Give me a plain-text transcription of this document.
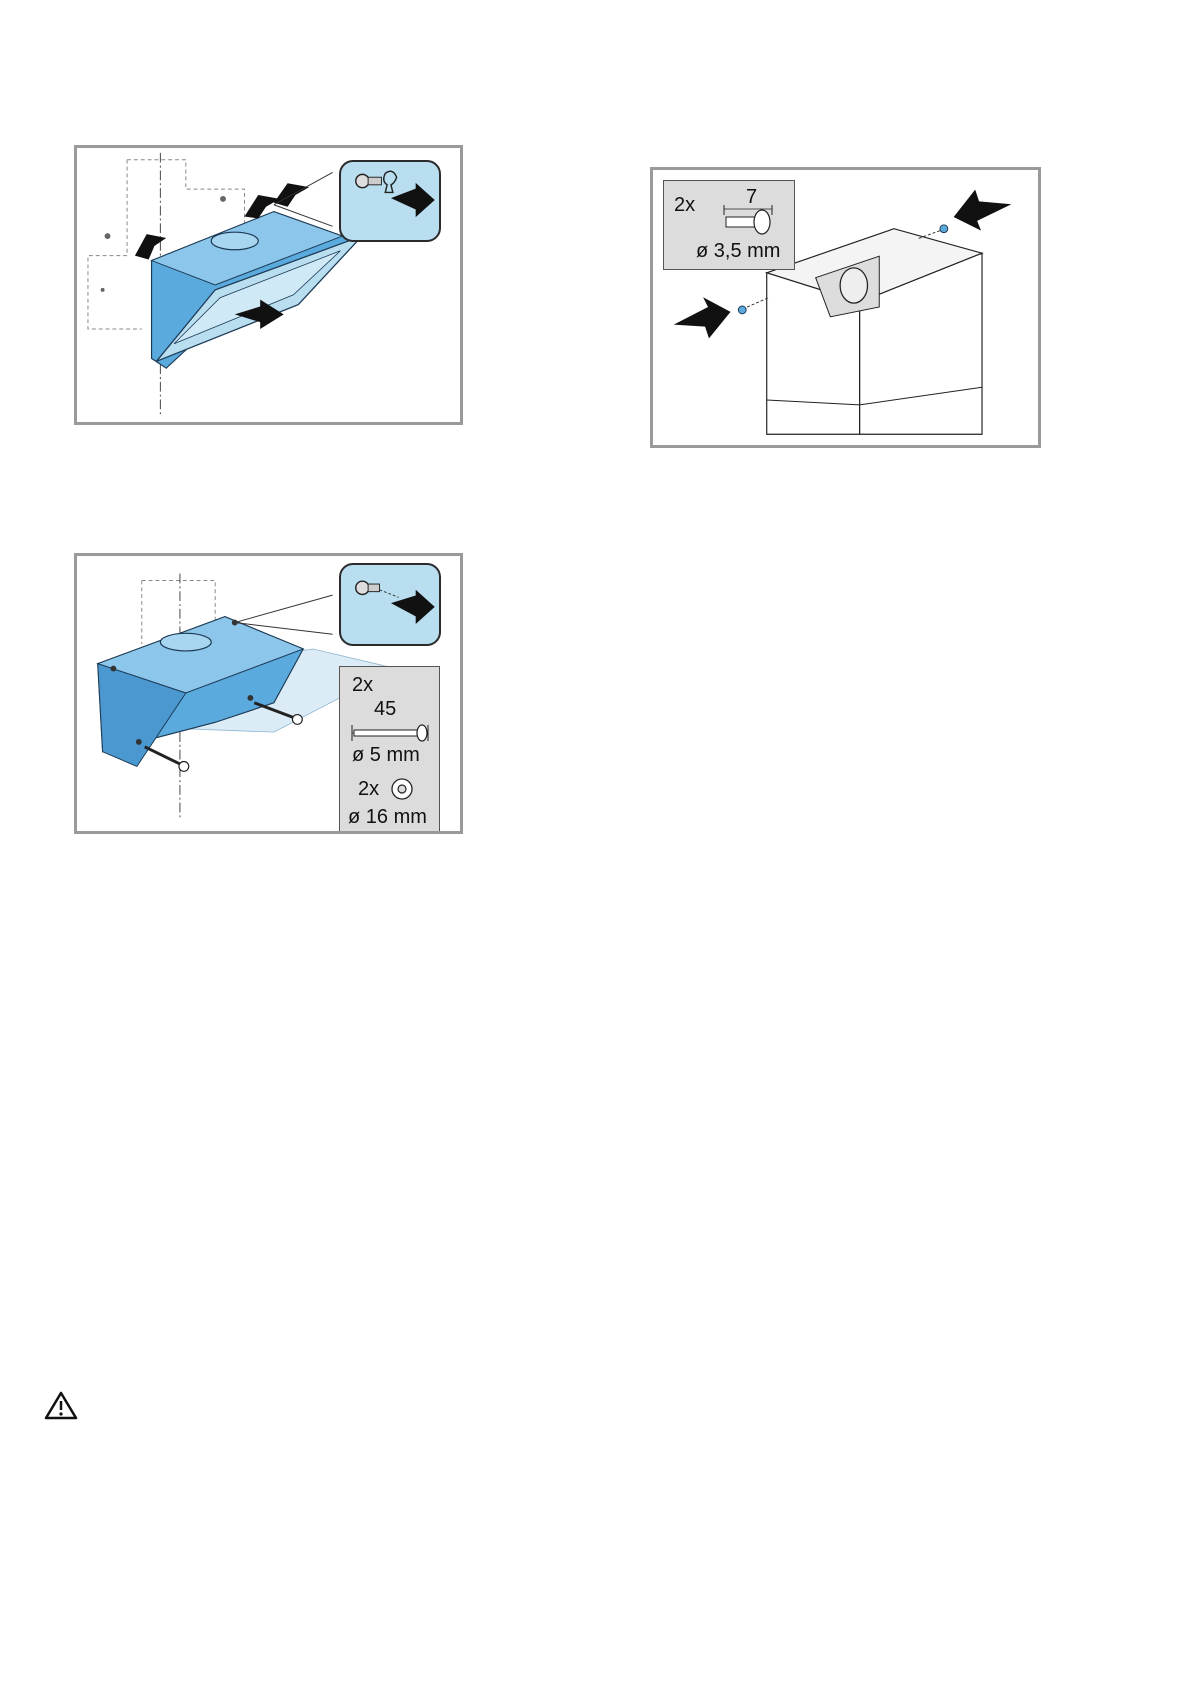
2x
45
ø 5 mm
2x
ø 16 mm
2x	7
ø 3,5 mm
